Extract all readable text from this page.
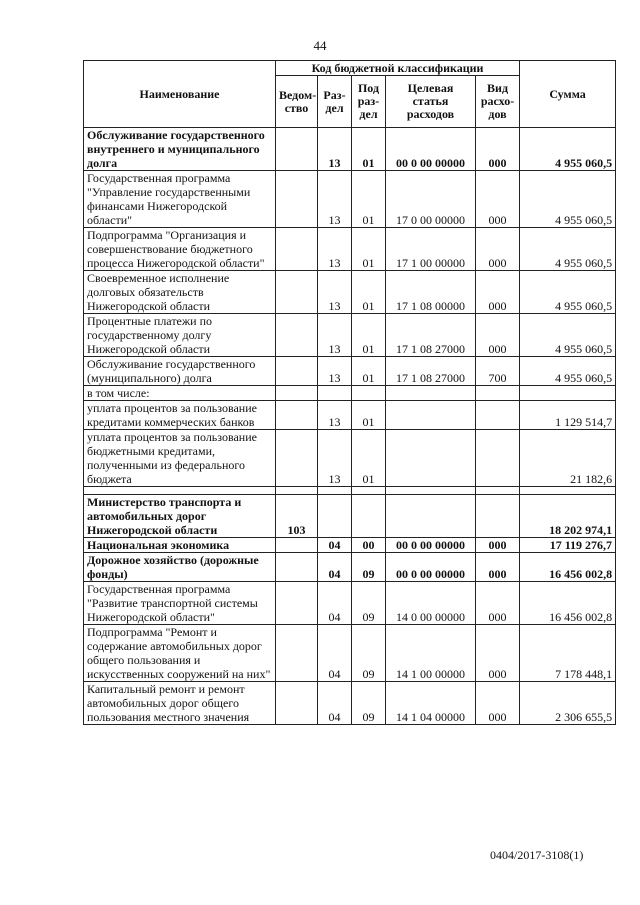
44
Наименование	Код бюджетной классификации					Сумма
	Ведом-ство	Раз-дел	Под раз-дел	Целевая статья расходов	Вид расхо-дов	
Обслуживание государственного внутреннего и муниципального долга		13	01	00 0 00 00000	000	4 955 060,5
Государственная программа "Управление государственными финансами Нижегородской области"		13	01	17 0 00 00000	000	4 955 060,5
Подпрограмма "Организация и совершенствование бюджетного процесса Нижегородской области"		13	01	17 1 00 00000	000	4 955 060,5
Своевременное исполнение долговых обязательств Нижегородской области		13	01	17 1 08 00000	000	4 955 060,5
Процентные платежи по государственному долгу Нижегородской области		13	01	17 1 08 27000	000	4 955 060,5
Обслуживание государственного (муниципального) долга		13	01	17 1 08 27000	700	4 955 060,5
в том числе:						
уплата процентов за пользование кредитами коммерческих банков		13	01			1 129 514,7
уплата процентов за пользование бюджетными кредитами, полученными из федерального бюджета		13	01			21 182,6

Министерство транспорта и автомобильных дорог Нижегородской области	103					18 202 974,1
Национальная экономика		04	00	00 0 00 00000	000	17 119 276,7
Дорожное хозяйство (дорожные фонды)		04	09	00 0 00 00000	000	16 456 002,8
Государственная программа "Развитие транспортной системы Нижегородской области"		04	09	14 0 00 00000	000	16 456 002,8
Подпрограмма "Ремонт и содержание автомобильных дорог общего пользования и искусственных сооружений на них"		04	09	14 1 00 00000	000	7 178 448,1
Капитальный ремонт и ремонт автомобильных дорог общего пользования местного значения		04	09	14 1 04 00000	000	2 306 655,5
0404/2017-3108(1)
